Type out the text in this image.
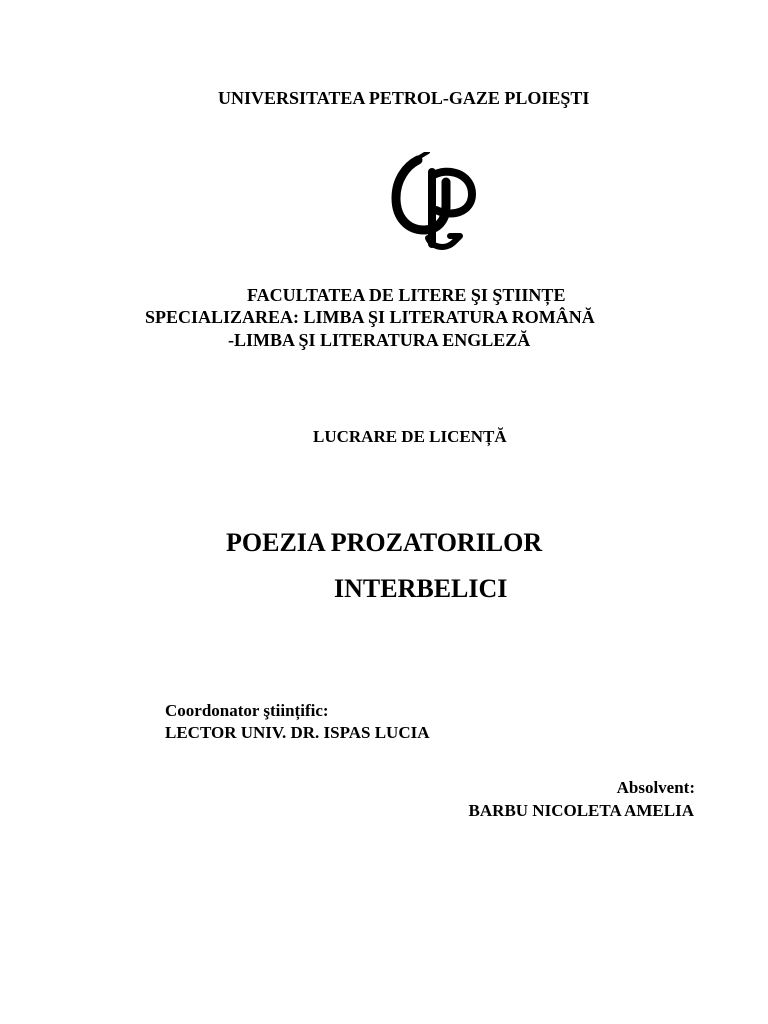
UNIVERSITATEA PETROL-GAZE PLOIEŞTI
FACULTATEA DE LITERE ŞI ŞTIINȚE
SPECIALIZAREA: LIMBA ŞI LITERATURA ROMÂNĂ
-LIMBA ŞI LITERATURA ENGLEZĂ
LUCRARE DE LICENȚĂ
POEZIA PROZATORILOR
INTERBELICI
Coordonator ştiințific:
LECTOR UNIV. DR. ISPAS LUCIA
Absolvent:
BARBU NICOLETA AMELIA
